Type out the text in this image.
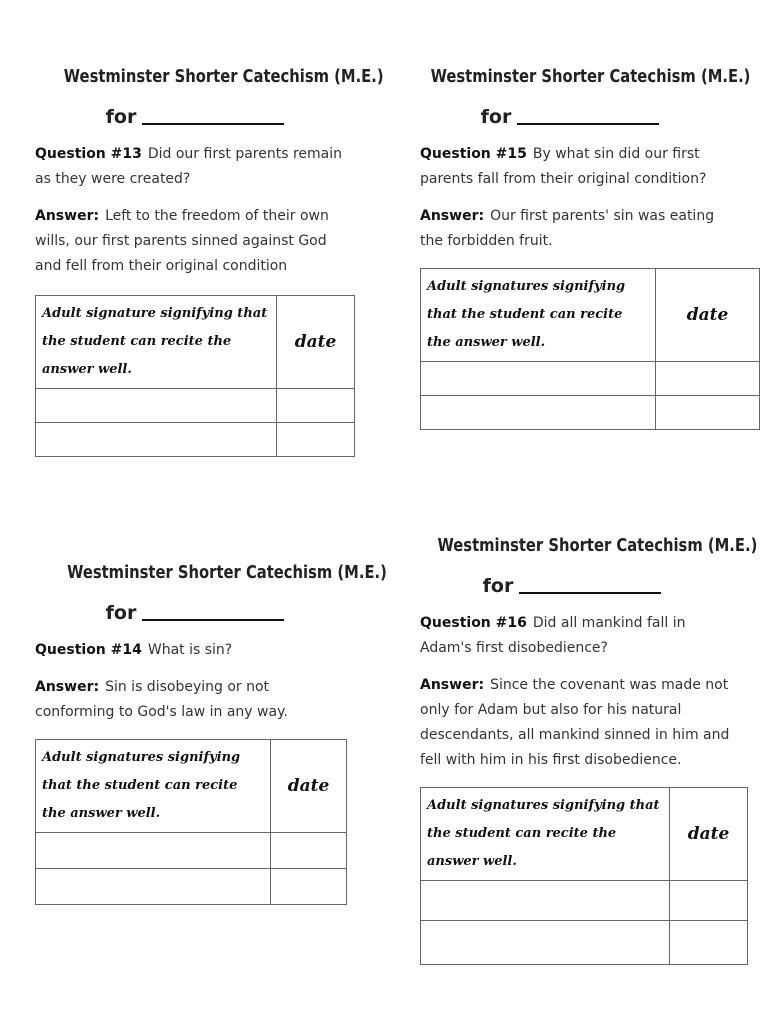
Westminster Shorter Catechism (M.E.)
for
Question #13 Did our first parents remain as they were created?
Answer: Left to the freedom of their own wills, our first parents sinned against God and fell from their original condition
Adult signature signifying that the student can recite the answer well.	date

Westminster Shorter Catechism (M.E.)
for
Question #15 By what sin did our first parents fall from their original condition?
Answer: Our first parents' sin was eating the forbidden fruit.
Adult signatures signifying that the student can recite the answer well.	date

Westminster Shorter Catechism (M.E.)
for
Question #14 What is sin?
Answer: Sin is disobeying or not conforming to God's law in any way.
Adult signatures signifying that the student can recite the answer well.	date

Westminster Shorter Catechism (M.E.)
for
Question #16 Did all mankind fall in Adam's first disobedience?
Answer: Since the covenant was made not only for Adam but also for his natural descendants, all mankind sinned in him and fell with him in his first disobedience.
Adult signatures signifying that the student can recite the answer well.	date
